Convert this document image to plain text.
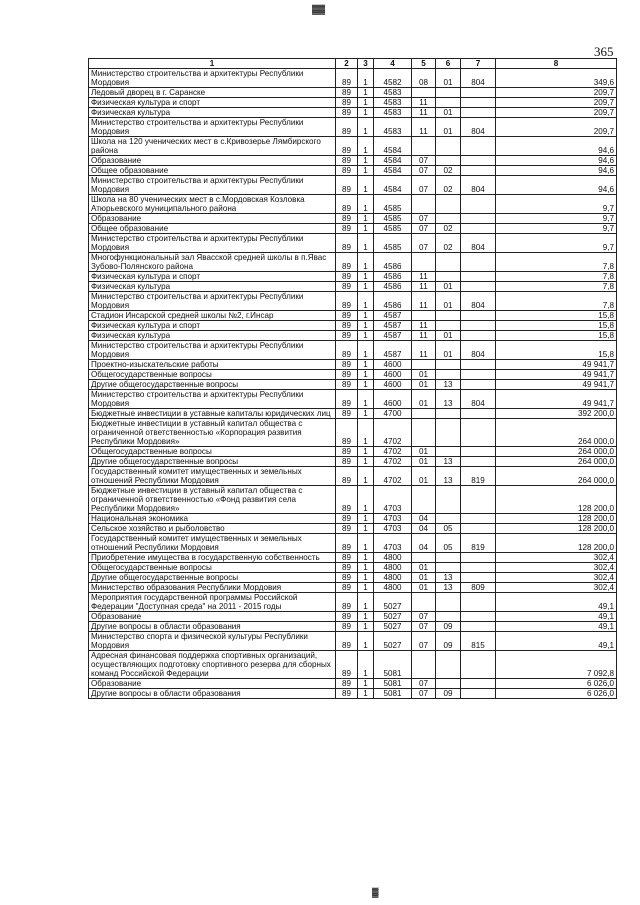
▓▓
365
1	2	3	4	5	6	7	8
Министерство строительства и архитектуры Республики Мордовия	89	1	4582	08	01	804	349,6
Ледовый дворец в г. Саранске	89	1	4583				209,7
Физическая культура и спорт	89	1	4583	11			209,7
Физическая культура	89	1	4583	11	01		209,7
Министерство строительства и архитектуры Республики Мордовия	89	1	4583	11	01	804	209,7
Школа на 120 ученических мест в с.Кривозерье Лямбирского района	89	1	4584				94,6
Образование	89	1	4584	07			94,6
Общее образование	89	1	4584	07	02		94,6
Министерство строительства и архитектуры Республики Мордовия	89	1	4584	07	02	804	94,6
Школа на 80 ученических мест в с.Мордовская Козловка Атюрьевского муниципального района	89	1	4585				9,7
Образование	89	1	4585	07			9,7
Общее образование	89	1	4585	07	02		9,7
Министерство строительства и архитектуры Республики Мордовия	89	1	4585	07	02	804	9,7
Многофункциональный зал Явасской средней школы в п.Явас Зубово-Полянского района	89	1	4586				7,8
Физическая культура и спорт	89	1	4586	11			7,8
Физическая культура	89	1	4586	11	01		7,8
Министерство строительства и архитектуры Республики Мордовия	89	1	4586	11	01	804	7,8
Стадион Инсарской средней школы №2, г.Инсар	89	1	4587				15,8
Физическая культура и спорт	89	1	4587	11			15,8
Физическая культура	89	1	4587	11	01		15,8
Министерство строительства и архитектуры Республики Мордовия	89	1	4587	11	01	804	15,8
Проектно-изыскательские работы	89	1	4600				49 941,7
Общегосударственные вопросы	89	1	4600	01			49 941,7
Другие общегосударственные вопросы	89	1	4600	01	13		49 941,7
Министерство строительства и архитектуры Республики Мордовия	89	1	4600	01	13	804	49 941,7
Бюджетные инвестиции в уставные капиталы юридических лиц	89	1	4700				392 200,0
Бюджетные инвестиции в уставный капитал общества с ограниченной ответственностью «Корпорация развития Республики Мордовия»	89	1	4702				264 000,0
Общегосударственные вопросы	89	1	4702	01			264 000,0
Другие общегосударственные вопросы	89	1	4702	01	13		264 000,0
Государственный комитет имущественных и земельных отношений Республики Мордовия	89	1	4702	01	13	819	264 000,0
Бюджетные инвестиции в уставный капитал общества с ограниченной ответственностью «Фонд развития села Республики Мордовия»	89	1	4703				128 200,0
Национальная экономика	89	1	4703	04			128 200,0
Сельское хозяйство и рыболовство	89	1	4703	04	05		128 200,0
Государственный комитет имущественных и земельных отношений Республики Мордовия	89	1	4703	04	05	819	128 200,0
Приобретение имущества в государственную собственность	89	1	4800				302,4
Общегосударственные вопросы	89	1	4800	01			302,4
Другие общегосударственные вопросы	89	1	4800	01	13		302,4
Министерство образования Республики Мордовия	89	1	4800	01	13	809	302,4
Мероприятия государственной программы Российской Федерации "Доступная среда" на 2011 - 2015 годы	89	1	5027				49,1
Образование	89	1	5027	07			49,1
Другие вопросы в области образования	89	1	5027	07	09		49,1
Министерство спорта и физической культуры Республики Мордовия	89	1	5027	07	09	815	49,1
Адресная финансовая поддержка спортивных организаций, осуществляющих подготовку спортивного резерва для сборных команд Российской Федерации	89	1	5081				7 092,8
Образование	89	1	5081	07			6 026,0
Другие вопросы в области образования	89	1	5081	07	09		6 026,0
▓
